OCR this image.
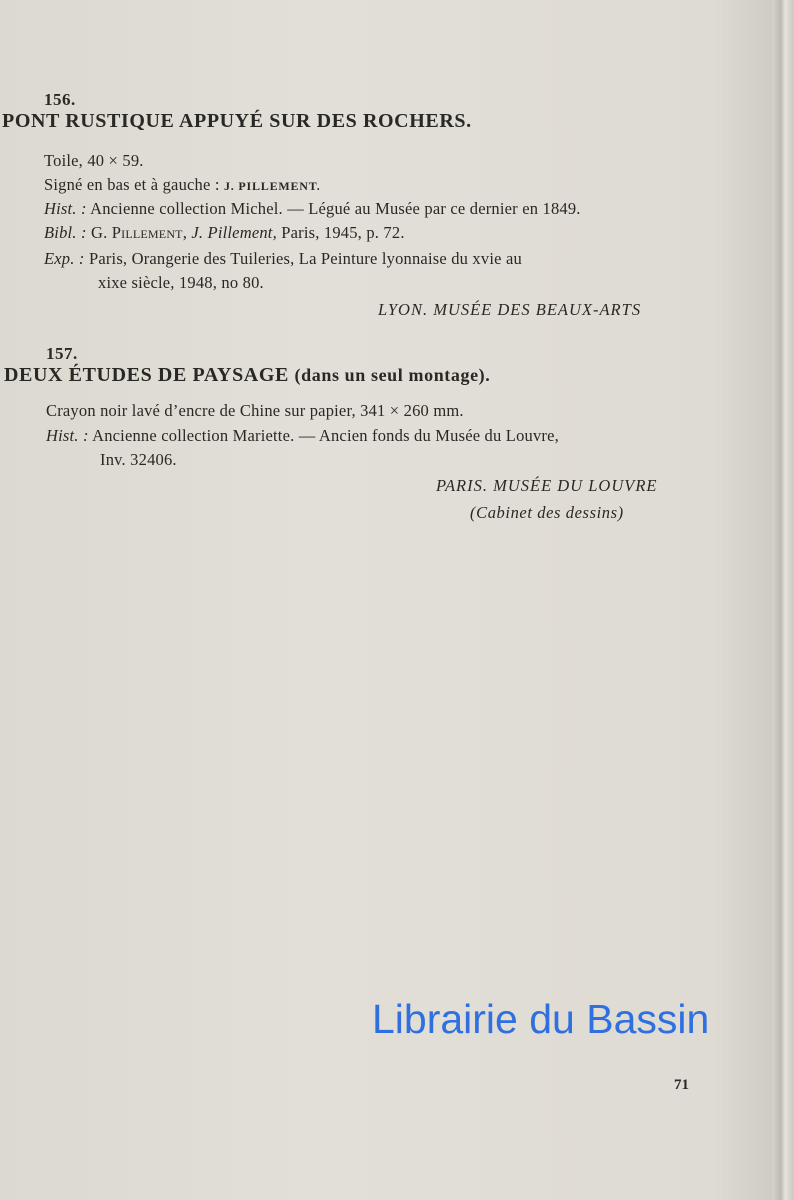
156.
PONT RUSTIQUE APPUYÉ SUR DES ROCHERS.
Toile, 40 × 59.
Signé en bas et à gauche : J. PILLEMENT.
Hist. : Ancienne collection Michel. — Légué au Musée par ce dernier en 1849.
Bibl. : G. Pillement, J. Pillement, Paris, 1945, p. 72.
Exp. : Paris, Orangerie des Tuileries, La Peinture lyonnaise du xvie au
xixe siècle, 1948, no 80.
LYON. MUSÉE DES BEAUX-ARTS
157.
DEUX ÉTUDES DE PAYSAGE (dans un seul montage).
Crayon noir lavé d’encre de Chine sur papier, 341 × 260 mm.
Hist. : Ancienne collection Mariette. — Ancien fonds du Musée du Louvre,
Inv. 32406.
PARIS. MUSÉE DU LOUVRE
(Cabinet des dessins)
Librairie du Bassin
71
